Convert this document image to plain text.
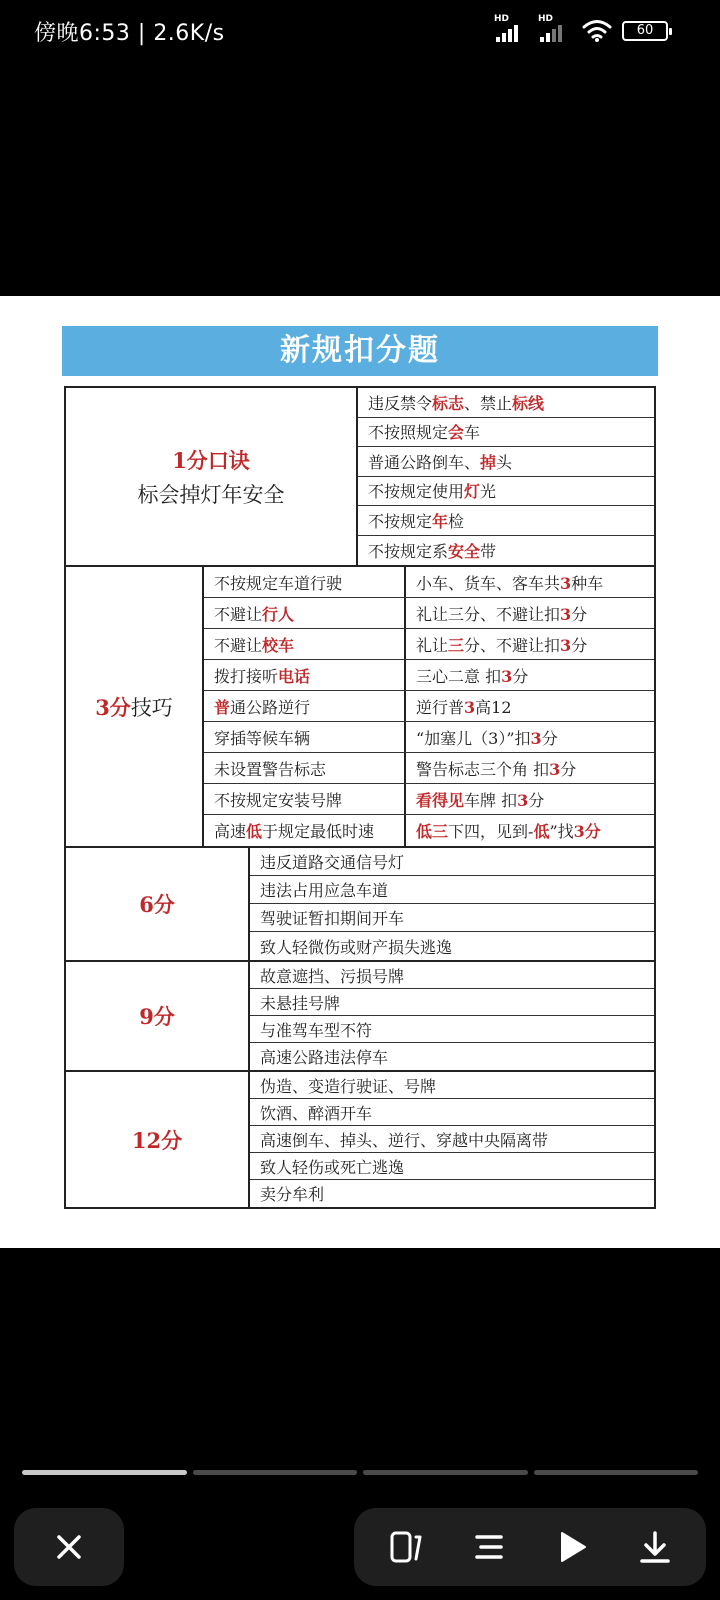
傍晚6:53 | 2.6K/s
HD	HD
60
新规扣分题
1分口诀
标会掉灯年安全
违反禁令标志、禁止标线
不按照规定会车
普通公路倒车、掉头
不按规定使用灯光
不按规定年检
不按规定系安全带
3分技巧
不按规定车道行驶	小车、货车、客车共3种车
不避让 行人	礼让三分、不避让扣3分
不避让 校车	礼让三分、不避让扣3分
拨打接听 电话	三心二意 扣3分
普 通公路逆行	逆行普3高12
穿插等候车辆	“加塞儿（3）”扣3分
未设置警告标志	警告标志三个角 扣3分
不按规定安装号牌	看得见车牌 扣3分
高速 低 于规定最低时速	低三下四，见到-低”找3分
6分
违反道路交通信号灯
违法占用应急车道
驾驶证暂扣期间开车
致人轻微伤或财产损失逃逸
9分
故意遮挡、污损号牌
未悬挂号牌
与准驾车型不符
高速公路违法停车
12分
伪造、变造行驶证、号牌
饮酒、醉酒开车
高速倒车、掉头、逆行、穿越中央隔离带
致人轻伤或死亡逃逸
卖分牟利
